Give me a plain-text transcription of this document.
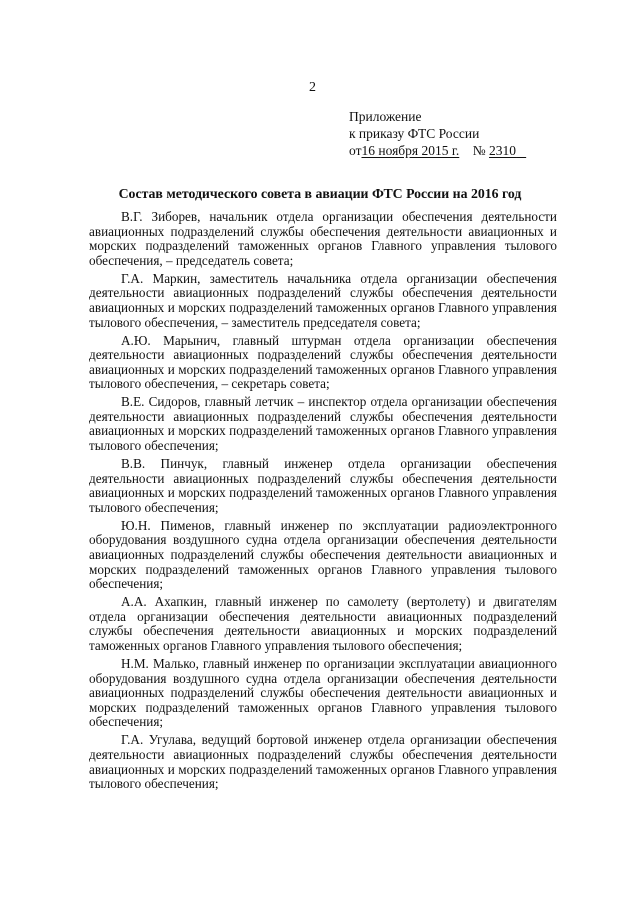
2
Приложение
к приказу ФТС России
от16 ноября 2015 г. № 2310
Состав методического совета в авиации ФТС России на 2016 год

В.Г. Зиборев, начальник отдела организации обеспечения деятельности авиационных подразделений службы обеспечения деятельности авиационных и морских подразделений таможенных органов Главного управления тылового обеспечения, – председатель совета;

Г.А. Маркин, заместитель начальника отдела организации обеспечения деятельности авиационных подразделений службы обеспечения деятельности авиационных и морских подразделений таможенных органов Главного управления тылового обеспечения, – заместитель председателя совета;

А.Ю. Марынич, главный штурман отдела организации обеспечения деятельности авиационных подразделений службы обеспечения деятельности авиационных и морских подразделений таможенных органов Главного управления тылового обеспечения, – секретарь совета;

В.Е. Сидоров, главный летчик – инспектор отдела организации обеспечения деятельности авиационных подразделений службы обеспечения деятельности авиационных и морских подразделений таможенных органов Главного управления тылового обеспечения;

В.В. Пинчук, главный инженер отдела организации обеспечения деятельности авиационных подразделений службы обеспечения деятельности авиационных и морских подразделений таможенных органов Главного управления тылового обеспечения;

Ю.Н. Пименов, главный инженер по эксплуатации радиоэлектронного оборудования воздушного судна отдела организации обеспечения деятельности авиационных подразделений службы обеспечения деятельности авиационных и морских подразделений таможенных органов Главного управления тылового обеспечения;

А.А. Ахапкин, главный инженер по самолету (вертолету) и двигателям отдела организации обеспечения деятельности авиационных подразделений службы обеспечения деятельности авиационных и морских подразделений таможенных органов Главного управления тылового обеспечения;

Н.М. Малько, главный инженер по организации эксплуатации авиационного оборудования воздушного судна отдела организации обеспечения деятельности авиационных подразделений службы обеспечения деятельности авиационных и морских подразделений таможенных органов Главного управления тылового обеспечения;

Г.А. Угулава, ведущий бортовой инженер отдела организации обеспечения деятельности авиационных подразделений службы обеспечения деятельности авиационных и морских подразделений таможенных органов Главного управления тылового обеспечения;
